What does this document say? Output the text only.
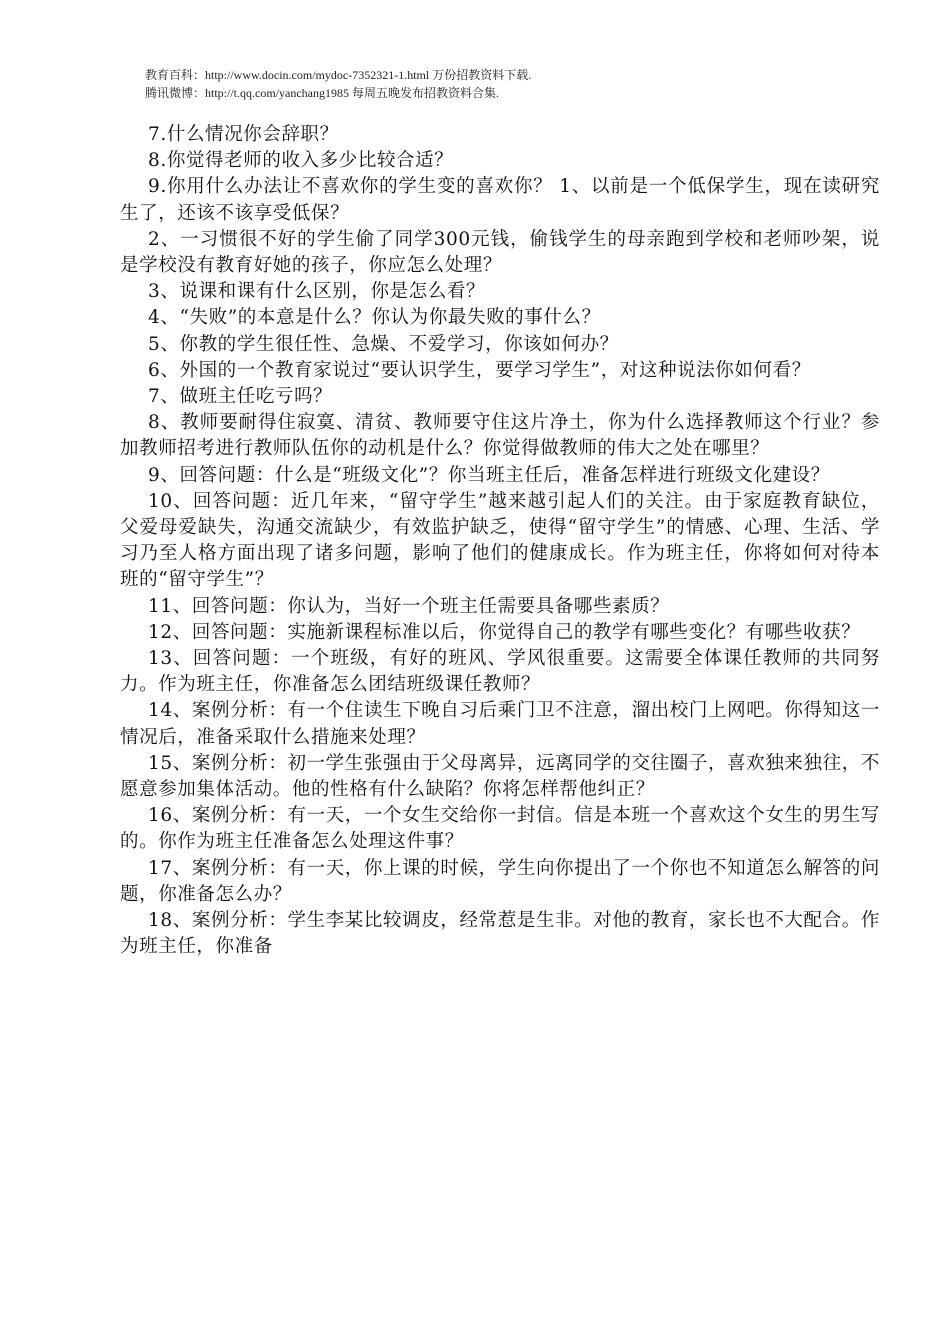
教育百科：http://www.docin.com/mydoc-7352321-1.html 万份招教资料下载.
腾讯微博：http://t.qq.com/yanchang1985 每周五晚发布招教资料合集.

7.什么情况你会辞职？

8.你觉得老师的收入多少比较合适？

9.你用什么办法让不喜欢你的学生变的喜欢你？ 1、以前是一个低保学生，现在读研究生了，还该不该享受低保？

2、一习惯很不好的学生偷了同学300元钱，偷钱学生的母亲跑到学校和老师吵架，说是学校没有教育好她的孩子，你应怎么处理？

3、说课和课有什么区别，你是怎么看？

4、“失败”的本意是什么？你认为你最失败的事什么？

5、你教的学生很任性、急燥、不爱学习，你该如何办？

6、外国的一个教育家说过“要认识学生，要学习学生”，对这种说法你如何看？

7、做班主任吃亏吗？

8、教师要耐得住寂寞、清贫、教师要守住这片净土，你为什么选择教师这个行业？参加教师招考进行教师队伍你的动机是什么？你觉得做教师的伟大之处在哪里？

9、回答问题：什么是“班级文化”？你当班主任后，准备怎样进行班级文化建设？

10、回答问题：近几年来，“留守学生”越来越引起人们的关注。由于家庭教育缺位，父爱母爱缺失，沟通交流缺少，有效监护缺乏，使得“留守学生”的情感、心理、生活、学习乃至人格方面出现了诸多问题，影响了他们的健康成长。作为班主任，你将如何对待本班的“留守学生”？

11、回答问题：你认为，当好一个班主任需要具备哪些素质？

12、回答问题：实施新课程标准以后，你觉得自己的教学有哪些变化？有哪些收获？

13、回答问题：一个班级，有好的班风、学风很重要。这需要全体课任教师的共同努力。作为班主任，你准备怎么团结班级课任教师？

14、案例分析：有一个住读生下晚自习后乘门卫不注意，溜出校门上网吧。你得知这一情况后，准备采取什么措施来处理？

15、案例分析：初一学生张强由于父母离异，远离同学的交往圈子，喜欢独来独往，不愿意参加集体活动。他的性格有什么缺陷？你将怎样帮他纠正？

16、案例分析：有一天，一个女生交给你一封信。信是本班一个喜欢这个女生的男生写的。你作为班主任准备怎么处理这件事？

17、案例分析：有一天，你上课的时候，学生向你提出了一个你也不知道怎么解答的问题，你准备怎么办？

18、案例分析：学生李某比较调皮，经常惹是生非。对他的教育，家长也不大配合。作为班主任，你准备
